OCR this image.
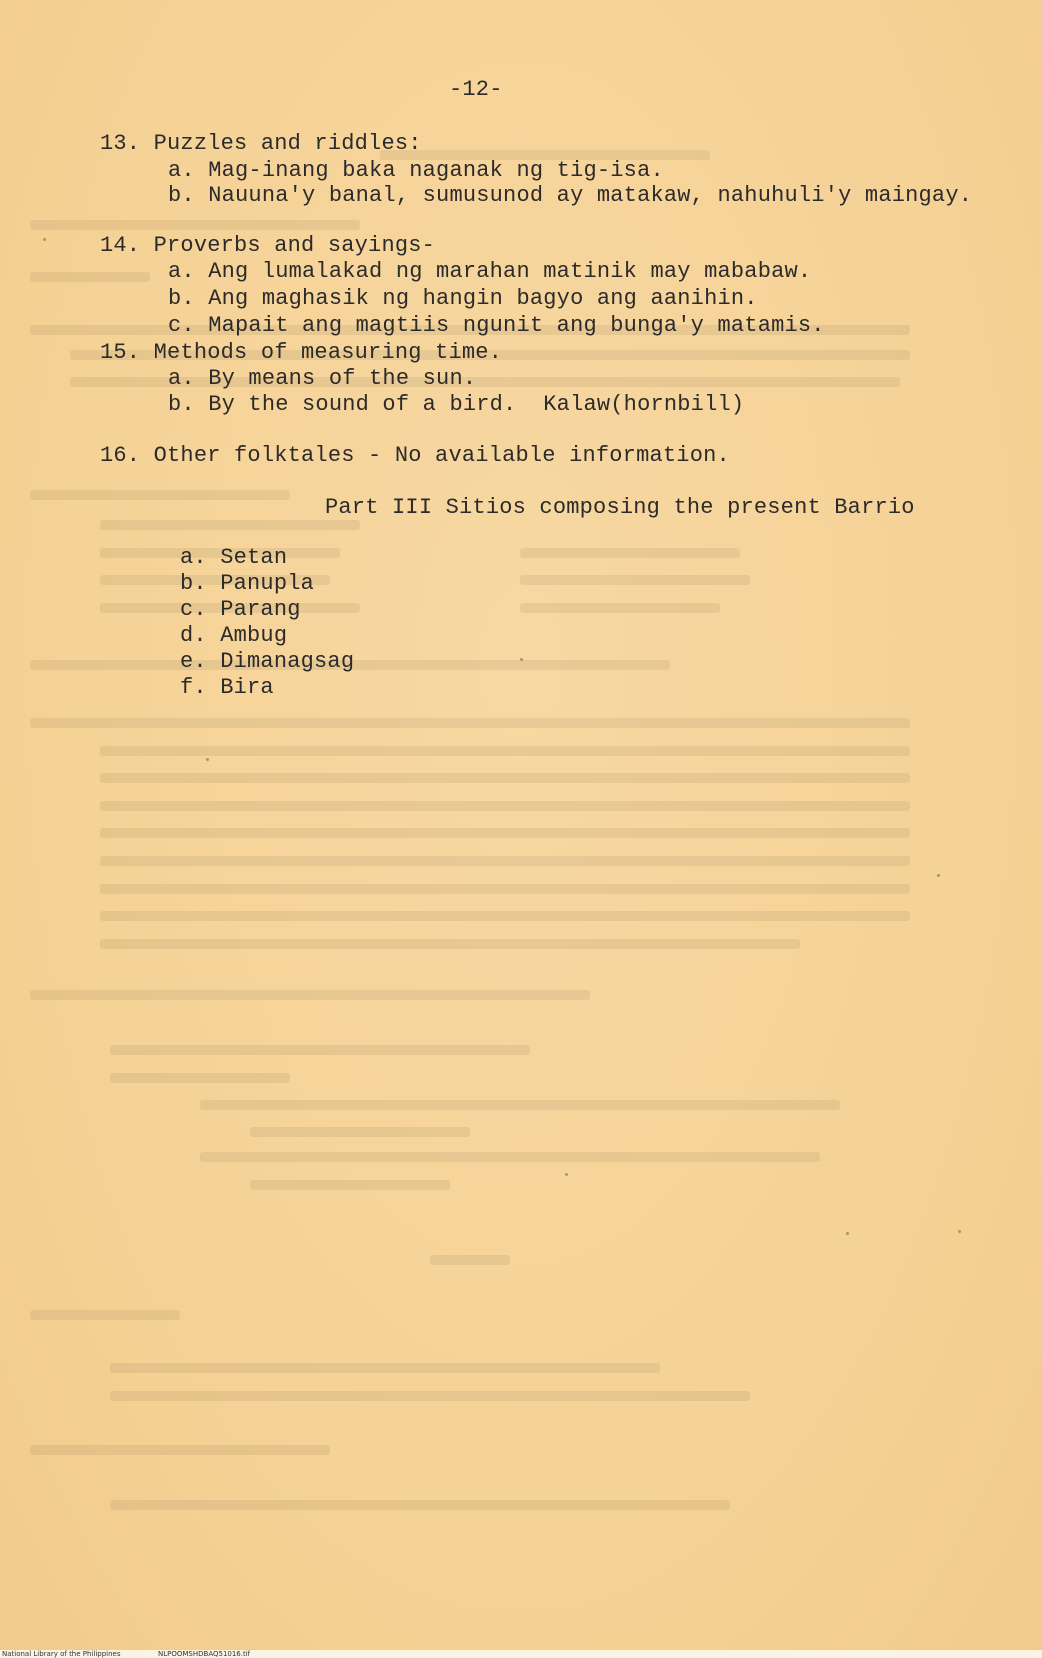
-12-
13. Puzzles and riddles:
a. Mag-inang baka naganak ng tig-isa.
b. Nauuna'y banal, sumusunod ay matakaw, nahuhuli'y maingay.
14. Proverbs and sayings-
a. Ang lumalakad ng marahan matinik may mababaw.
b. Ang maghasik ng hangin bagyo ang aanihin.
c. Mapait ang magtiis ngunit ang bunga'y matamis.
15. Methods of measuring time.
a. By means of the sun.
b. By the sound of a bird.  Kalaw(hornbill)
16. Other folktales - No available information.
Part III Sitios composing the present Barrio
a. Setan
b. Panupla
c. Parang
d. Ambug
e. Dimanagsag
f. Bira
National Library of the Philippines	NLPOOMSHDBAQ51016.tif
